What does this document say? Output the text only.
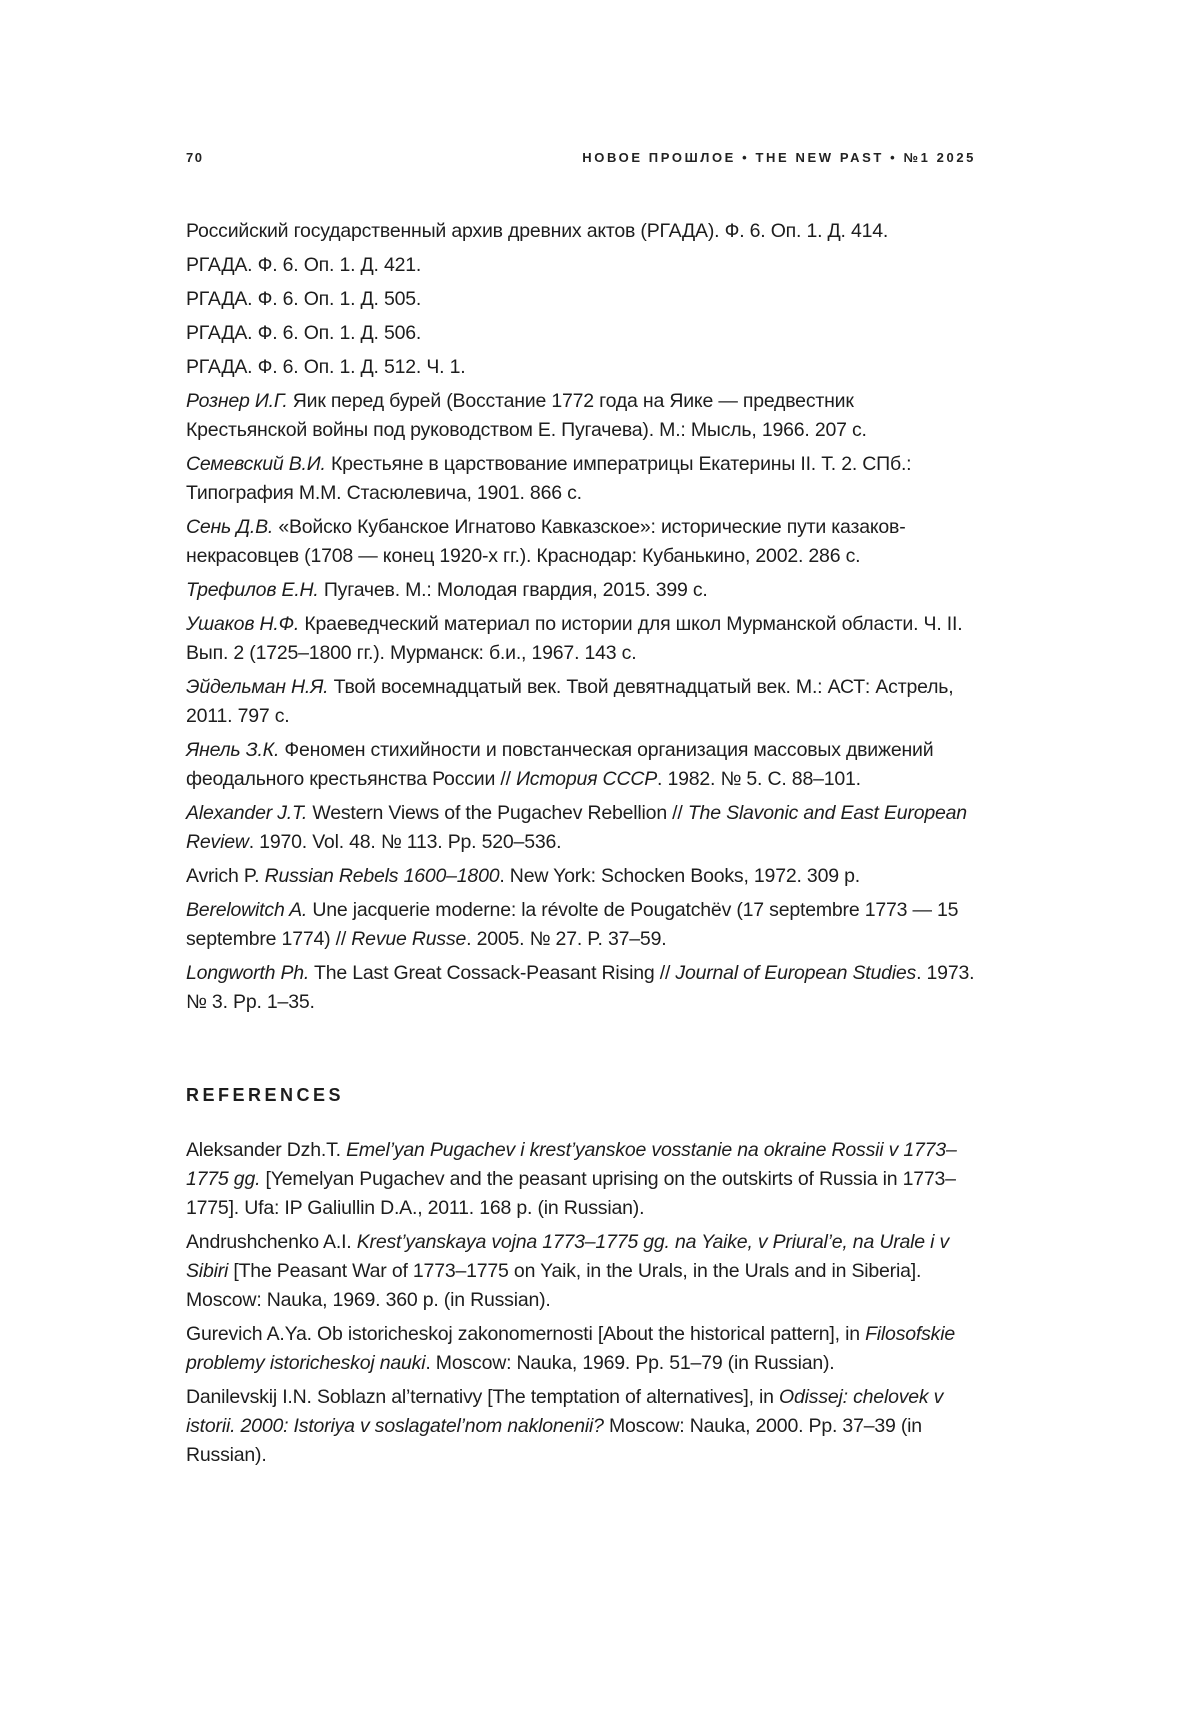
70	НОВОЕ ПРОШЛОЕ • THE NEW PAST • №1 2025

Российский государственный архив древних актов (РГАДА). Ф. 6. Оп. 1. Д. 414.

РГАДА. Ф. 6. Оп. 1. Д. 421.

РГАДА. Ф. 6. Оп. 1. Д. 505.

РГАДА. Ф. 6. Оп. 1. Д. 506.

РГАДА. Ф. 6. Оп. 1. Д. 512. Ч. 1.

Рознер И.Г. Яик перед бурей (Восстание 1772 года на Яике — предвестник Крестьянской войны под руководством Е. Пугачева). М.: Мысль, 1966. 207 с.

Семевский В.И. Крестьяне в царствование императрицы Екатерины II. Т. 2. СПб.: Типография М.М. Стасюлевича, 1901. 866 с.

Сень Д.В. «Войско Кубанское Игнатово Кавказское»: исторические пути казаков-некрасовцев (1708 — конец 1920-х гг.). Краснодар: Кубанькино, 2002. 286 с.

Трефилов Е.Н. Пугачев. М.: Молодая гвардия, 2015. 399 с.

Ушаков Н.Ф. Краеведческий материал по истории для школ Мурманской области. Ч. II. Вып. 2 (1725–1800 гг.). Мурманск: б.и., 1967. 143 с.

Эйдельман Н.Я. Твой восемнадцатый век. Твой девятнадцатый век. М.: АСТ: Астрель, 2011. 797 с.

Янель З.К. Феномен стихийности и повстанческая организация массовых движений феодального крестьянства России // История СССР. 1982. № 5. С. 88–101.

Alexander J.T. Western Views of the Pugachev Rebellion // The Slavonic and East European Review. 1970. Vol. 48. № 113. Pp. 520–536.

Avrich P. Russian Rebels 1600–1800. New York: Schocken Books, 1972. 309 p.

Berelowitch A. Une jacquerie moderne: la révolte de Pougatchëv (17 septembre 1773 — 15 septembre 1774) // Revue Russe. 2005. № 27. P. 37–59.

Longworth Ph. The Last Great Cossack-Peasant Rising // Journal of European Studies. 1973. № 3. Pp. 1–35.

REFERENCES

Aleksander Dzh.T. Emel’yan Pugachev i krest’yanskoe vosstanie na okraine Rossii v 1773–1775 gg. [Yemelyan Pugachev and the peasant uprising on the outskirts of Russia in 1773–1775]. Ufa: IP Galiullin D.A., 2011. 168 p. (in Russian).

Andrushchenko A.I. Krest’yanskaya vojna 1773–1775 gg. na Yaike, v Priural’e, na Urale i v Sibiri [The Peasant War of 1773–1775 on Yaik, in the Urals, in the Urals and in Siberia]. Moscow: Nauka, 1969. 360 p. (in Russian).

Gurevich A.Ya. Ob istoricheskoj zakonomernosti [About the historical pattern], in Filosofskie problemy istoricheskoj nauki. Moscow: Nauka, 1969. Pp. 51–79 (in Russian).

Danilevskij I.N. Soblazn al’ternativy [The temptation of alternatives], in Odissej: chelovek v istorii. 2000: Istoriya v soslagatel’nom naklonenii? Moscow: Nauka, 2000. Pp. 37–39 (in Russian).
